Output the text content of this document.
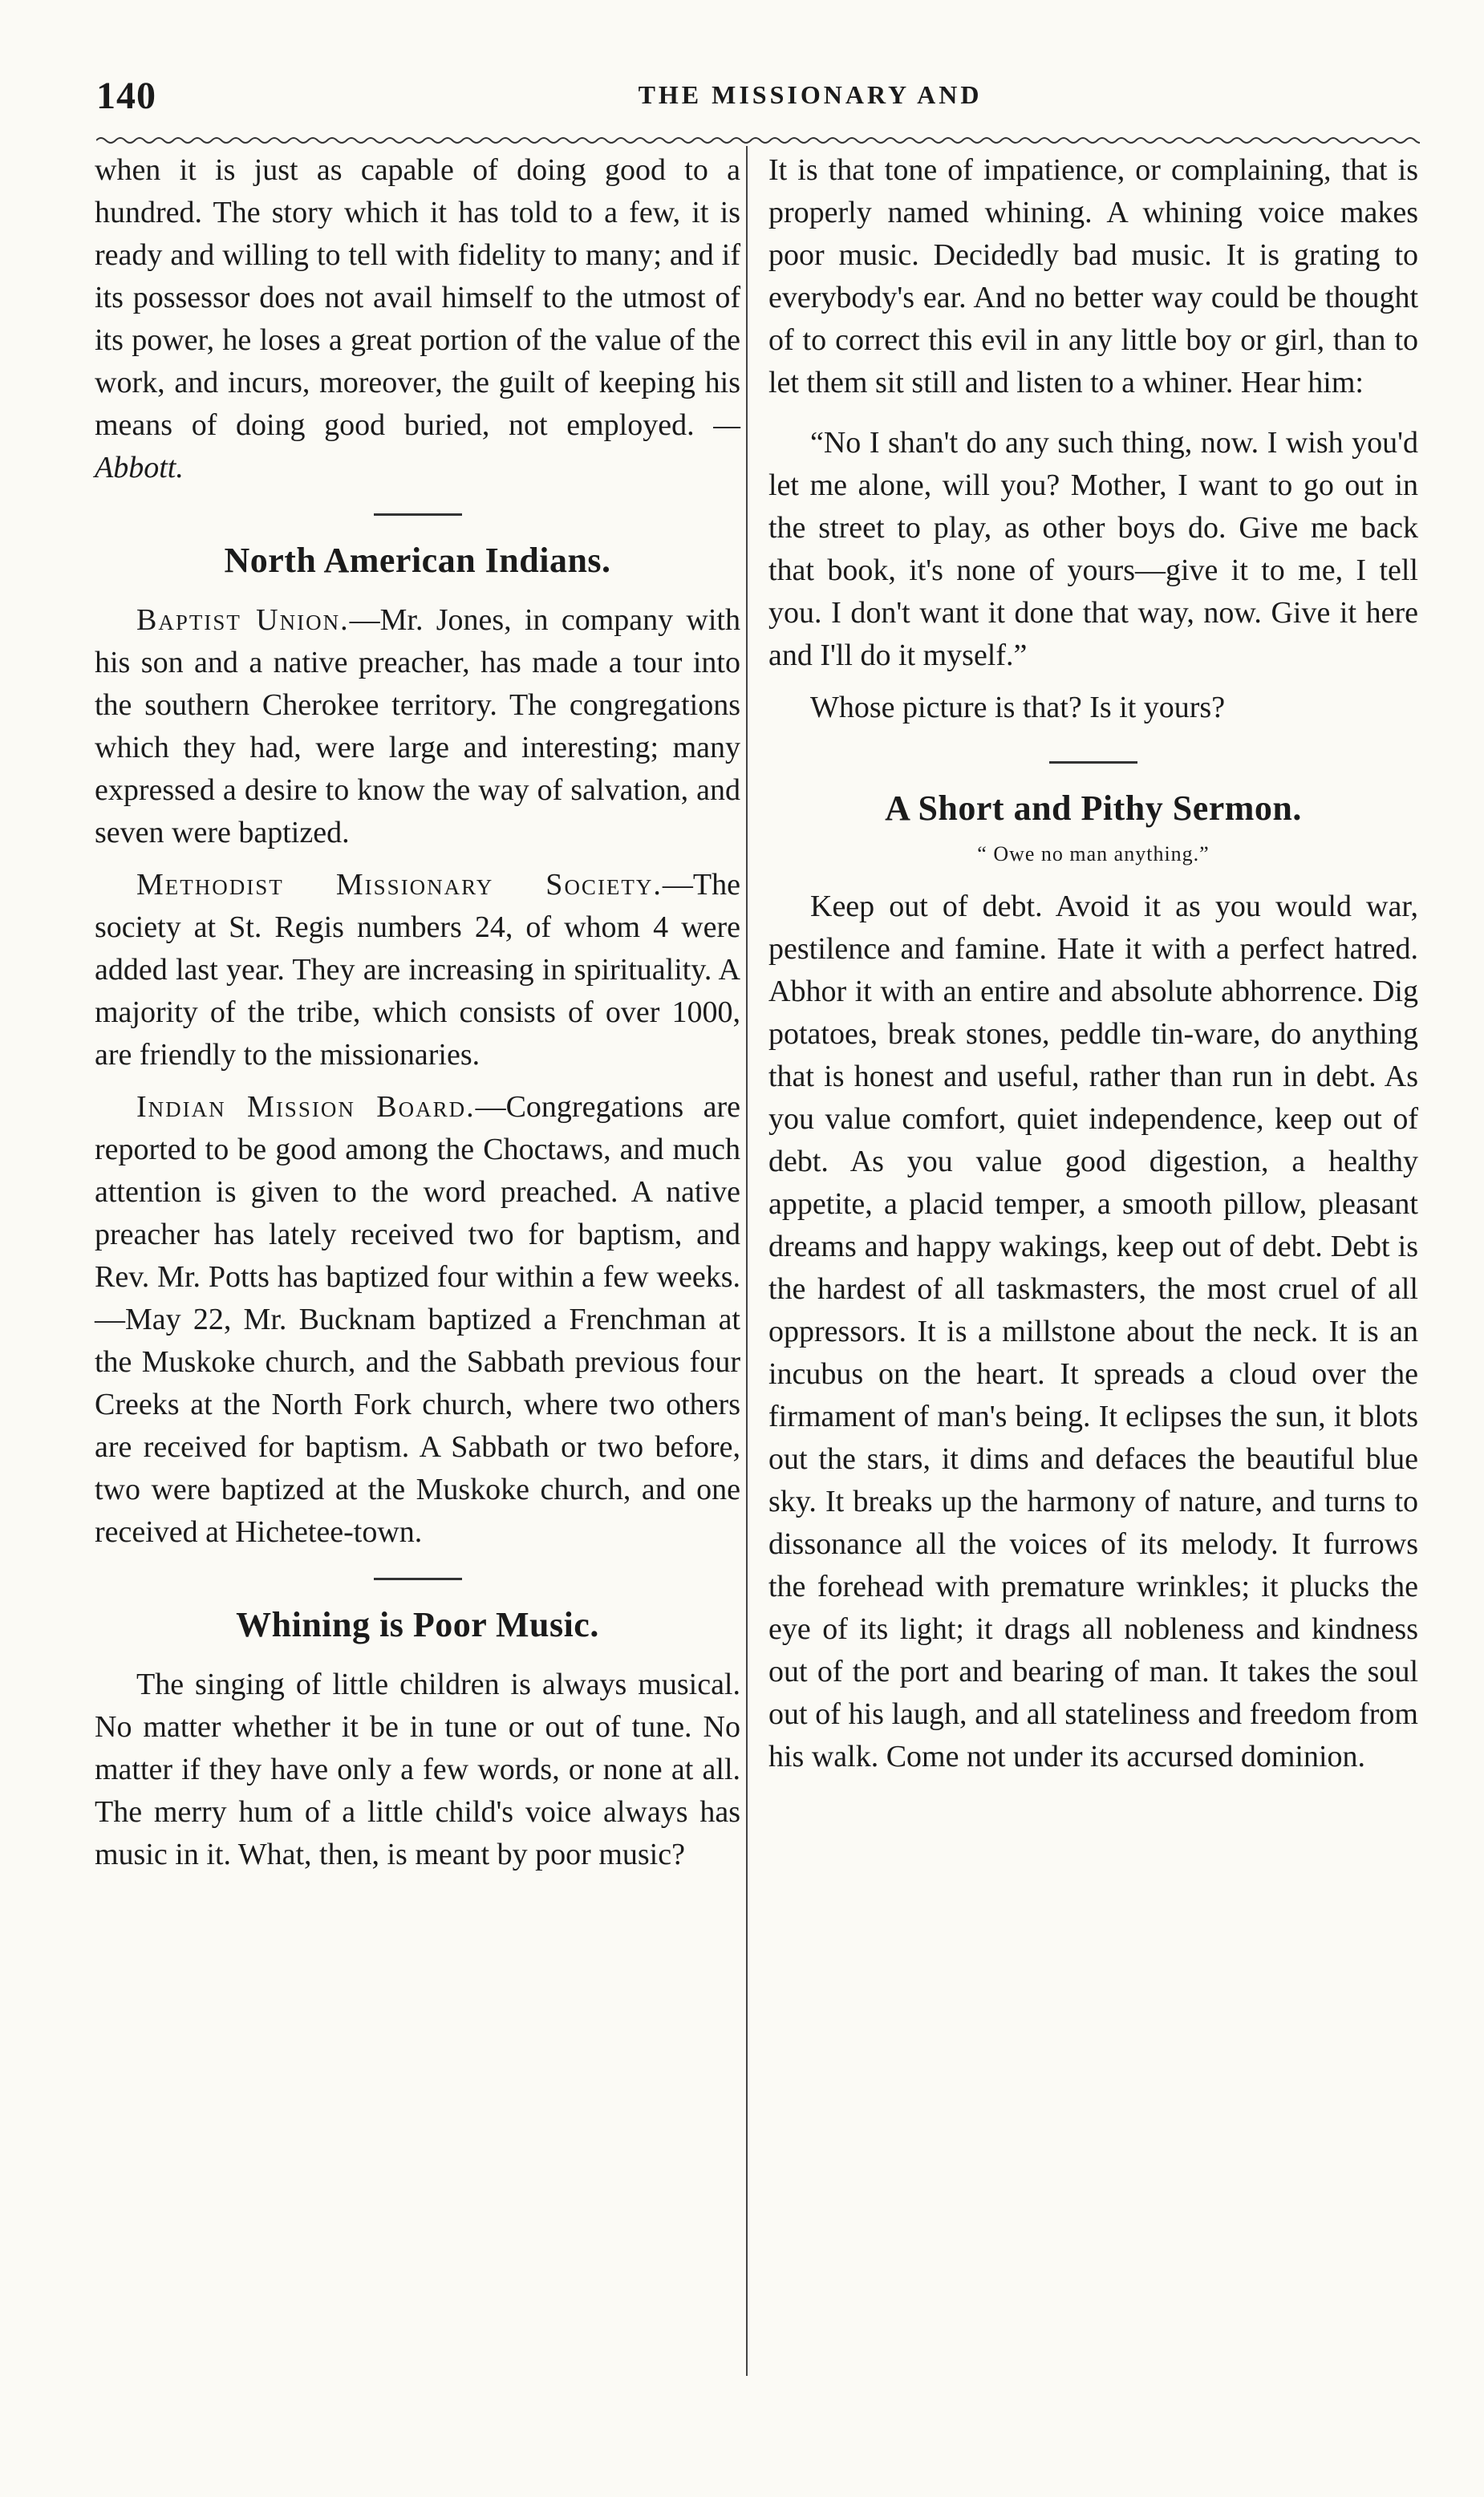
140	THE MISSIONARY AND

when it is just as capable of doing good to a hundred. The story which it has told to a few, it is ready and willing to tell with fidelity to many; and if its possessor does not avail himself to the utmost of its power, he loses a great portion of the value of the work, and incurs, moreover, the guilt of keeping his means of doing good buried, not employed. —Abbott.

North American Indians.

Baptist Union.—Mr. Jones, in company with his son and a native preacher, has made a tour into the southern Cherokee territory. The congregations which they had, were large and interesting; many expressed a desire to know the way of salvation, and seven were baptized.

Methodist Missionary Society.—The society at St. Regis numbers 24, of whom 4 were added last year. They are increasing in spirituality. A majority of the tribe, which consists of over 1000, are friendly to the missionaries.

Indian Mission Board.—Congregations are reported to be good among the Choctaws, and much attention is given to the word preached. A native preacher has lately received two for baptism, and Rev. Mr. Potts has baptized four within a few weeks.—May 22, Mr. Bucknam baptized a Frenchman at the Muskoke church, and the Sabbath previous four Creeks at the North Fork church, where two others are received for baptism. A Sabbath or two before, two were baptized at the Muskoke church, and one received at Hichetee-town.

Whining is Poor Music.

The singing of little children is always musical. No matter whether it be in tune or out of tune. No matter if they have only a few words, or none at all. The merry hum of a little child's voice always has music in it. What, then, is meant by poor music?

It is that tone of impatience, or complaining, that is properly named whining. A whining voice makes poor music. Decidedly bad music. It is grating to everybody's ear. And no better way could be thought of to correct this evil in any little boy or girl, than to let them sit still and listen to a whiner. Hear him:

“No I shan't do any such thing, now. I wish you'd let me alone, will you? Mother, I want to go out in the street to play, as other boys do. Give me back that book, it's none of yours—give it to me, I tell you. I don't want it done that way, now. Give it here and I'll do it myself.”

Whose picture is that? Is it yours?

A Short and Pithy Sermon.
“ Owe no man anything.”

Keep out of debt. Avoid it as you would war, pestilence and famine. Hate it with a perfect hatred. Abhor it with an entire and absolute abhorrence. Dig potatoes, break stones, peddle tin-ware, do anything that is honest and useful, rather than run in debt. As you value comfort, quiet independence, keep out of debt. As you value good digestion, a healthy appetite, a placid temper, a smooth pillow, pleasant dreams and happy wakings, keep out of debt. Debt is the hardest of all taskmasters, the most cruel of all oppressors. It is a millstone about the neck. It is an incubus on the heart. It spreads a cloud over the firmament of man's being. It eclipses the sun, it blots out the stars, it dims and defaces the beautiful blue sky. It breaks up the harmony of nature, and turns to dissonance all the voices of its melody. It furrows the forehead with premature wrinkles; it plucks the eye of its light; it drags all nobleness and kindness out of the port and bearing of man. It takes the soul out of his laugh, and all stateliness and freedom from his walk. Come not under its accursed dominion.
